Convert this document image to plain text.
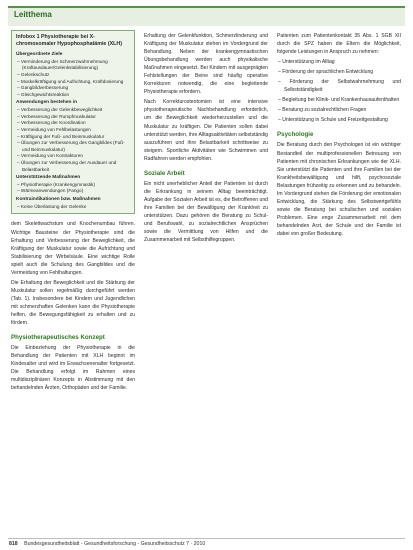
Leitthema
Infobox 1 Physiotherapie bei X-chromosomaler Hypophosphatämie (XLH)
Übergeordnete Ziele
– Verminderung der Schmerzwahrnehmung (Kraftausdauer/Gelenkstabilisierung)
– Gelenkschutz
– Muskelkräftigung und Aufrichtung, Kraftdosierung
– Gangbildverbesserung
– Gleichgewichtsreaktion
Anwendungen bestehen in
– Verbesserung der Gelenkbeweglichkeit
– Verbesserung der Rumpfmuskulatur
– Verbesserung der Koordination
– Vermeidung von Fehlbelastungen
– Kräftigung der Fuß- und Beinmuskulatur
– Übungen zur Verbesserung des Gangbildes (Fuß- und Beinmuskulatur)
– Vermeidung von Kontrakturen
– Übungen zur Verbesserung der Ausdauer und Belastbarkeit
Unterstützende Maßnahmen
– Physiotherapie (Krankengymnastik)
– Wärmeanwendungen (Fango)
Kontraindikationen bzw. Maßnahmen
– Keine Überlastung der Gelenke

dem Skelettwachstum und Knochenumbau führen. Wichtige Bausteine der Physiotherapie sind die Erhaltung und Verbesserung der Beweglichkeit, die Kräftigung der Muskulatur sowie die Aufrichtung und Stabilisierung der Wirbelsäule. Eine wichtige Rolle spielt auch die Schulung des Gangbildes und die Vermeidung von Fehlhaltungen.

Die Erhaltung der Beweglichkeit und die Stärkung der Muskulatur sollen regelmäßig durchgeführt werden (Tab. 1). Insbesondere bei Kindern und Jugendlichen mit schmerzhaften Gelenken kann die Physiotherapie helfen, die Bewegungsfähigkeit zu erhalten und zu fördern.

Physiotherapeutisches Konzept

Die Einbeziehung der Physiotherapie in die Behandlung der Patienten mit XLH beginnt im Kindesalter und wird im Erwachsenenalter fortgesetzt. Die Behandlung erfolgt im Rahmen eines multidisziplinären Konzepts in Abstimmung mit den behandelnden Ärzten, Orthopäden und der Familie.

Erhaltung der Gelenkfunktion, Schmerzlinderung und Kräftigung der Muskulatur stehen im Vordergrund der Behandlung. Neben der krankengymnastischen Übungsbehandlung werden auch physikalische Maßnahmen eingesetzt. Bei Kindern mit ausgeprägten Fehlstellungen der Beine sind häufig operative Korrekturen notwendig, die eine begleitende Physiotherapie erfordern.

Nach Korrekturosteotomien ist eine intensive physiotherapeutische Nachbehandlung erforderlich, um die Beweglichkeit wiederherzustellen und die Muskulatur zu kräftigen. Die Patienten sollen dabei unterstützt werden, ihre Alltagsaktivitäten selbstständig auszuführen und ihre Belastbarkeit schrittweise zu steigern. Sportliche Aktivitäten wie Schwimmen und Radfahren werden empfohlen.

Soziale Arbeit

Ein nicht unerheblicher Anteil der Patienten ist durch die Erkrankung in seinem Alltag beeinträchtigt. Aufgabe der Sozialen Arbeit ist es, die Betroffenen und ihre Familien bei der Bewältigung der Krankheit zu unterstützen. Dazu gehören die Beratung zu Schul- und Berufswahl, zu sozialrechtlichen Ansprüchen sowie die Vermittlung von Hilfen und die Zusammenarbeit mit Selbsthilfegruppen.

Patienten zum Patientenkontakt 35 Abs. 1 SGB XII durch die SPZ haben die Eltern die Möglichkeit, folgende Leistungen in Anspruch zu nehmen:

– Unterstützung im Alltag

– Förderung der sprachlichen Entwicklung

– Förderung der Selbstwahrnehmung und Selbstständigkeit

– Begleitung bei Klinik- und Krankenhausaufenthalten

– Beratung zu sozialrechtlichen Fragen

– Unterstützung in Schule und Freizeitgestaltung

Psychologie

Die Beratung durch den Psychologen ist ein wichtiger Bestandteil der multiprofessionellen Betreuung von Patienten mit chronischen Erkrankungen wie der XLH. Sie unterstützt die Patienten und ihre Familien bei der Krankheitsbewältigung und hilft, psychosoziale Belastungen frühzeitig zu erkennen und zu behandeln. Im Vordergrund stehen die Förderung der emotionalen Entwicklung, die Stärkung des Selbstwertgefühls sowie die Beratung bei schulischen und sozialen Problemen. Eine enge Zusammenarbeit mit dem behandelnden Arzt, der Schule und der Familie ist dabei von großer Bedeutung.

818 Bundesgesundheitsblatt - Gesundheitsforschung - Gesundheitsschutz 7 · 2010
